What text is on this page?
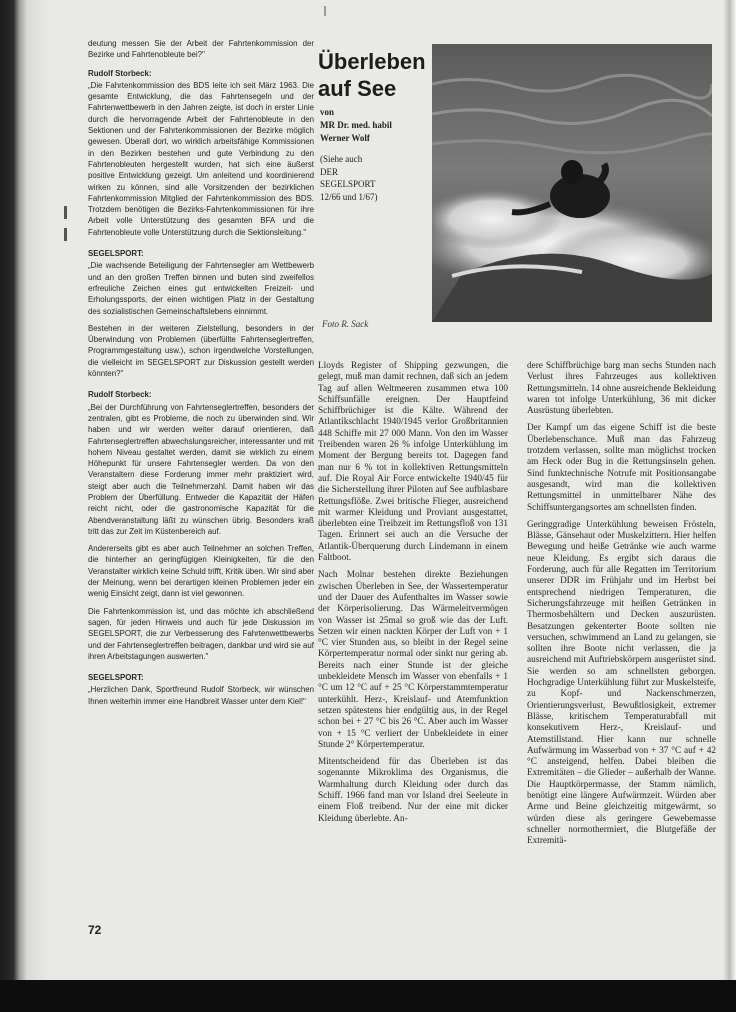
deutung messen Sie der Arbeit der Fahrtenkommission der Bezirke und Fahrtenobleute bei?"

Rudolf Storbeck:

„Die Fahrtenkommission des BDS leite ich seit März 1963. Die gesamte Entwicklung, die das Fahrtensegeln und der Fahrtenwettbewerb in den Jahren zeigte, ist doch in erster Linie durch die hervorragende Arbeit der Fahrtenobleute in den Sektionen und der Fahrtenkommissionen der Bezirke möglich gewesen. Überall dort, wo wirklich arbeitsfähige Kommissionen in den Bezirken bestehen und gute Verbindung zu den Fahrtenobleuten hergestellt wurden, hat sich eine äußerst positive Entwicklung gezeigt. Um anleitend und koordinierend wirken zu können, sind alle Vorsitzenden der bezirklichen Fahrtenkommission Mitglied der Fahrtenkommission des BDS. Trotzdem benötigen die Bezirks-Fahrtenkommissionen für ihre Arbeit volle Unterstützung des gesamten BFA und die Fahrtenobleute volle Unterstützung durch die Sektionsleitung."

SEGELSPORT:

„Die wachsende Beteiligung der Fahrtensegler am Wettbewerb und an den großen Treffen binnen und buten sind zweifellos erfreuliche Zeichen eines gut entwickelten Freizeit- und Erholungssports, der einen wichtigen Platz in der Gestaltung des sozialistischen Gemeinschaftslebens einnimmt.

Bestehen in der weiteren Zielstellung, besonders in der Überwindung von Problemen (überfüllte Fahrtenseglertreffen, Programmgestaltung usw.), schon irgendwelche Vorstellungen, die vielleicht im SEGELSPORT zur Diskussion gestellt werden könnten?"

Rudolf Storbeck:

„Bei der Durchführung von Fahrtenseglertreffen, besonders der zentralen, gibt es Probleme, die noch zu überwinden sind. Wir haben und wir werden weiter darauf orientieren, daß Fahrtenseglertreffen abwechslungsreicher, interessanter und mit hohem Niveau gestaltet werden, damit sie wirklich zu einem Höhepunkt für unsere Fahrtensegler werden. Da von den Veranstaltern diese Forderung immer mehr praktiziert wird, steigt aber auch die Teilnehmerzahl. Damit haben wir das Problem der Überfüllung. Entweder die Kapazität der Häfen reicht nicht, oder die gastronomische Kapazität für die Abendveranstaltung läßt zu wünschen übrig. Besonders kraß tritt das zur Zeit im Küstenbereich auf.

Andererseits gibt es aber auch Teilnehmer an solchen Treffen, die hinterher an geringfügigen Kleinigkeiten, für die den Veranstalter wirklich keine Schuld trifft, Kritik üben. Wir sind aber der Meinung, wenn bei derartigen kleinen Problemen jeder ein wenig Einsicht zeigt, dann ist viel gewonnen.

Die Fahrtenkommission ist, und das möchte ich abschließend sagen, für jeden Hinweis und auch für jede Diskussion im SEGELSPORT, die zur Verbesserung des Fahrtenwettbewerbs und der Fahrtenseglertreffen beitragen, dankbar und wird sie auf ihren Arbeitstagungen auswerten."

SEGELSPORT:

„Herzlichen Dank, Sportfreund Rudolf Storbeck, wir wünschen Ihnen weiterhin immer eine Handbreit Wasser unter dem Kiel!"

72
Überleben auf See
von
MR Dr. med. habil
Werner Wolf
(Siehe auch
DER
SEGELSPORT
12/66 und 1/67)
Foto R. Sack

Lloyds Register of Shipping gezwungen, die gelegt, muß man damit rechnen, daß sich an jedem Tag auf allen Weltmeeren zusammen etwa 100 Schiffsunfälle ereignen. Der Hauptfeind Schiffbrüchiger ist die Kälte. Während der Atlantikschlacht 1940/1945 verlor Großbritannien 448 Schiffe mit 27 000 Mann. Von den im Wasser Treibenden waren 26 % infolge Unterkühlung im Moment der Bergung bereits tot. Dagegen fand man nur 6 % tot in kollektiven Rettungsmitteln auf. Die Royal Air Force entwickelte 1940/45 für die Sicherstellung ihrer Piloten auf See aufblasbare Rettungsflöße. Zwei britische Flieger, ausreichend mit warmer Kleidung und Proviant ausgestattet, überlebten eine Treibzeit im Rettungsfloß von 131 Tagen. Erinnert sei auch an die Versuche der Atlantik-Überquerung durch Lindemann in einem Faltboot.

Nach Molnar bestehen direkte Beziehungen zwischen Überleben in See, der Wassertemperatur und der Dauer des Aufenthaltes im Wasser sowie der Körperisolierung. Das Wärmeleitvermögen von Wasser ist 25mal so groß wie das der Luft. Setzen wir einen nackten Körper der Luft von + 1 °C vier Stunden aus, so bleibt in der Regel seine Körpertemperatur normal oder sinkt nur gering ab. Bereits nach einer Stunde ist der gleiche unbekleidete Mensch im Wasser von ebenfalls + 1 °C um 12 °C auf + 25 °C Körperstammtemperatur unterkühlt. Herz-, Kreislauf- und Atemfunktion setzen spätestens hier endgültig aus, in der Regel schon bei + 27 °C bis 26 °C. Aber auch im Wasser von + 15 °C verliert der Unbekleidete in einer Stunde 2° Körpertemperatur.

Mitentscheidend für das Überleben ist das sogenannte Mikroklima des Organismus, die Warmhaltung durch Kleidung oder durch das Schiff. 1966 fand man vor Island drei Seeleute in einem Floß treibend. Nur der eine mit dicker Kleidung überlebte. An-

dere Schiffbrüchige barg man sechs Stunden nach Verlust ihres Fahrzeuges aus kollektiven Rettungsmitteln. 14 ohne ausreichende Bekleidung waren tot infolge Unterkühlung, 36 mit dicker Ausrüstung überlebten.

Der Kampf um das eigene Schiff ist die beste Überlebenschance. Muß man das Fahrzeug trotzdem verlassen, sollte man möglichst trocken am Heck oder Bug in die Rettungsinseln gehen. Sind funktechnische Notrufe mit Positionsangabe ausgesandt, wird man die kollektiven Rettungsmittel in unmittelbarer Nähe des Schiffsuntergangsortes am schnellsten finden.

Geringgradige Unterkühlung beweisen Frösteln, Blässe, Gänsehaut oder Muskelzittern. Hier helfen Bewegung und heiße Getränke wie auch warme neue Kleidung. Es ergibt sich daraus die Forderung, auch für alle Regatten im Territorium unserer DDR im Frühjahr und im Herbst bei entsprechend niedrigen Temperaturen, die Sicherungsfahrzeuge mit heißen Getränken in Thermosbehältern und Decken auszurüsten. Besatzungen gekenterter Boote sollten nie versuchen, schwimmend an Land zu gelangen, sie sollten ihre Boote nicht verlassen, die ja ausreichend mit Auftriebskörpern ausgerüstet sind. Sie werden so am schnellsten geborgen. Hochgradige Unterkühlung führt zur Muskelsteife, zu Kopf- und Nackenschmerzen, Orientierungsverlust, Bewußtlosigkeit, extremer Blässe, kritischem Temperaturabfall mit konsekutivem Herz-, Kreislauf- und Atemstillstand. Hier kann nur schnelle Aufwärmung im Wasserbad von + 37 °C auf + 42 °C ansteigend, helfen. Dabei bleiben die Extremitäten – die Glieder – außerhalb der Wanne. Die Hauptkörpermasse, der Stamm nämlich, benötigt eine längere Aufwärmzeit. Würden aber Arme und Beine gleichzeitig mitgewärmt, so würden diese als geringere Gewebemasse schneller normothermiert, die Blutgefäße der Extremitä-
